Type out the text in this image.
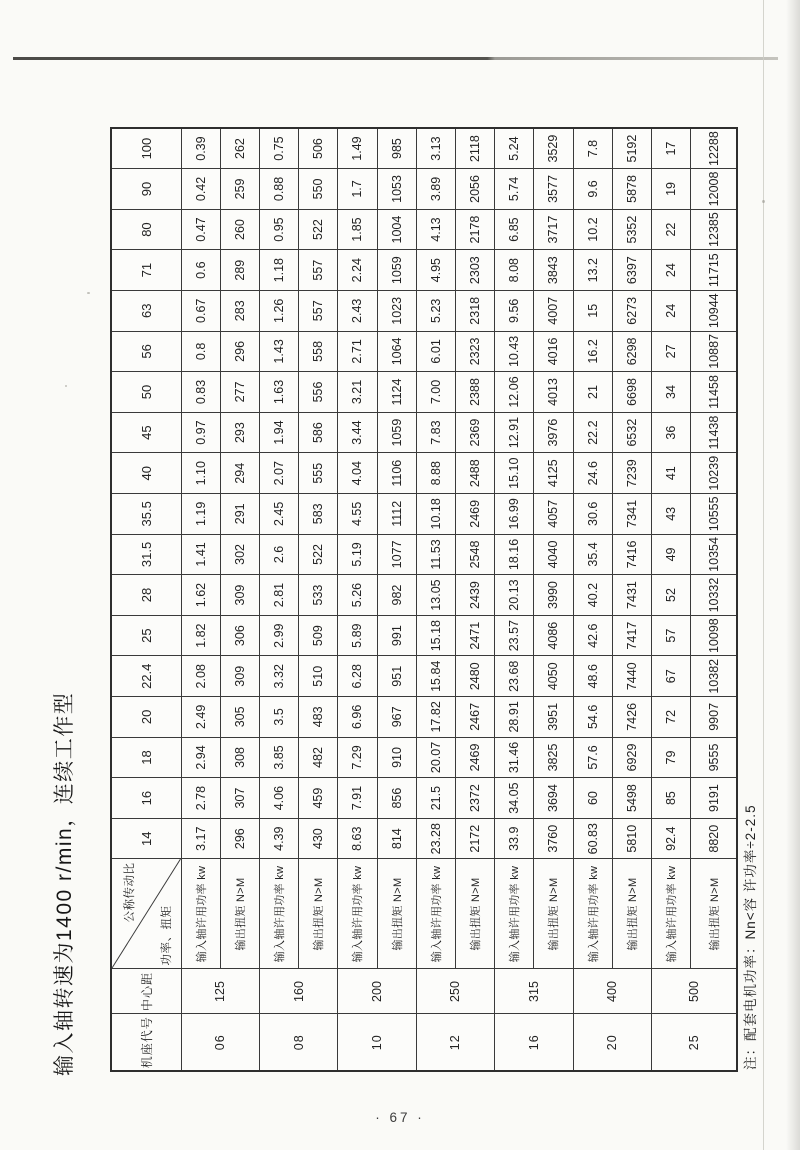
输入轴转速为1400 r/min，连续工作型	机座代号	中心距	公称传动比
功率、扭矩	14	16	18	20	22.4	25	28	31.5	35.5	40	45	50	56	63	71	80	90	100
06	125	输入轴许用功率 kw	3.17	2.78	2.94	2.49	2.08	1.82	1.62	1.41	1.19	1.10	0.97	0.83	0.8	0.67	0.6	0.47	0.42	0.39
		输出扭矩 N>M	296	307	308	305	309	306	309	302	291	294	293	277	296	283	289	260	259	262
08	160	输入轴许用功率 kw	4.39	4.06	3.85	3.5	3.32	2.99	2.81	2.6	2.45	2.07	1.94	1.63	1.43	1.26	1.18	0.95	0.88	0.75
		输出扭矩 N>M	430	459	482	483	510	509	533	522	583	555	586	556	558	557	557	522	550	506
10	200	输入轴许用功率 kw	8.63	7.91	7.29	6.96	6.28	5.89	5.26	5.19	4.55	4.04	3.44	3.21	2.71	2.43	2.24	1.85	1.7	1.49
		输出扭矩 N>M	814	856	910	967	951	991	982	1077	1112	1106	1059	1124	1064	1023	1059	1004	1053	985
12	250	输入轴许用功率 kw	23.28	21.5	20.07	17.82	15.84	15.18	13.05	11.53	10.18	8.88	7.83	7.00	6.01	5.23	4.95	4.13	3.89	3.13
		输出扭矩 N>M	2172	2372	2469	2467	2480	2471	2439	2548	2469	2488	2369	2388	2323	2318	2303	2178	2056	2118
16	315	输入轴许用功率 kw	33.9	34.05	31.46	28.91	23.68	23.57	20.13	18.16	16.99	15.10	12.91	12.06	10.43	9.56	8.08	6.85	5.74	5.24
		输出扭矩 N>M	3760	3694	3825	3951	4050	4086	3990	4040	4057	4125	3976	4013	4016	4007	3843	3717	3577	3529
20	400	输入轴许用功率 kw	60.83	60	57.6	54.6	48.6	42.6	40.2	35.4	30.6	24.6	22.2	21	16.2	15	13.2	10.2	9.6	7.8
		输出扭矩 N>M	5810	5498	6929	7426	7440	7417	7431	7416	7341	7239	6532	6698	6298	6273	6397	5352	5878	5192
25	500	输入轴许用功率 kw	92.4	85	79	72	67	57	52	49	43	41	36	34	27	24	24	22	19	17
		输出扭矩 N>M	8820	9191	9555	9907	10382	10098	10332	10354	10555	10239	11438	11458	10887	10944	11715	12385	12008	12288
注：配套电机功率：Nn<容 许功率÷2-2.5
· 67 ·
